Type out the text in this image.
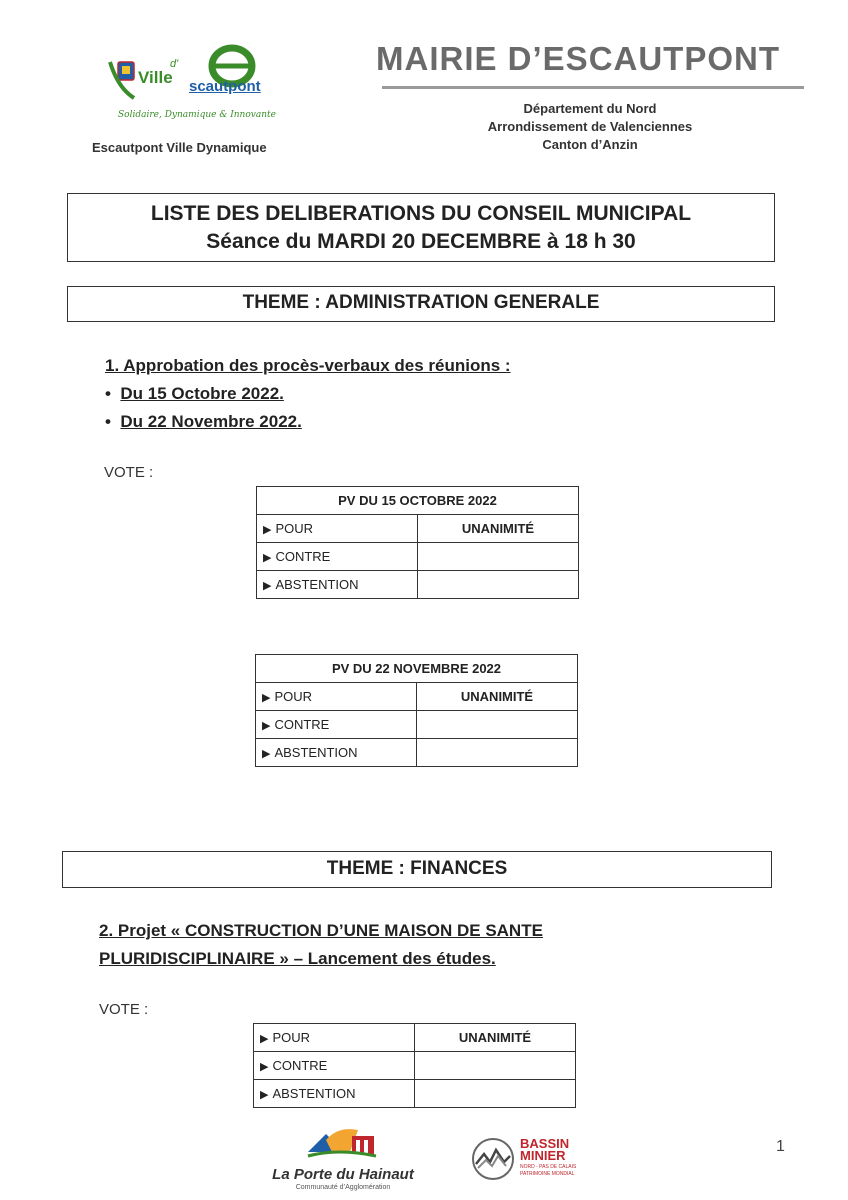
Ville
d'
scautpont
Solidaire, Dynamique & Innovante
Escautpont Ville Dynamique
MAIRIE D’ESCAUTPONT
Département du Nord
Arrondissement de Valenciennes
Canton d’Anzin
LISTE DES DELIBERATIONS DU CONSEIL MUNICIPAL
Séance du MARDI 20 DECEMBRE à 18 h 30
THEME : ADMINISTRATION GENERALE
1. Approbation des procès-verbaux des réunions :
•  Du 15 Octobre 2022.
•  Du 22 Novembre 2022.
VOTE :
PV DU 15 OCTOBRE 2022	
▶ POUR	UNANIMITÉ
▶ CONTRE	
▶ ABSTENTION	
PV DU 22 NOVEMBRE 2022	
▶ POUR	UNANIMITÉ
▶ CONTRE	
▶ ABSTENTION	
THEME : FINANCES
2. Projet « CONSTRUCTION D’UNE MAISON DE SANTE
PLURIDISCIPLINAIRE » – Lancement des études.
VOTE :
▶ POUR	UNANIMITÉ
▶ CONTRE	
▶ ABSTENTION	
La Porte du Hainaut
Communauté d’Agglomération
BASSIN
MINIER
NORD - PAS DE CALAIS
PATRIMOINE MONDIAL
1
